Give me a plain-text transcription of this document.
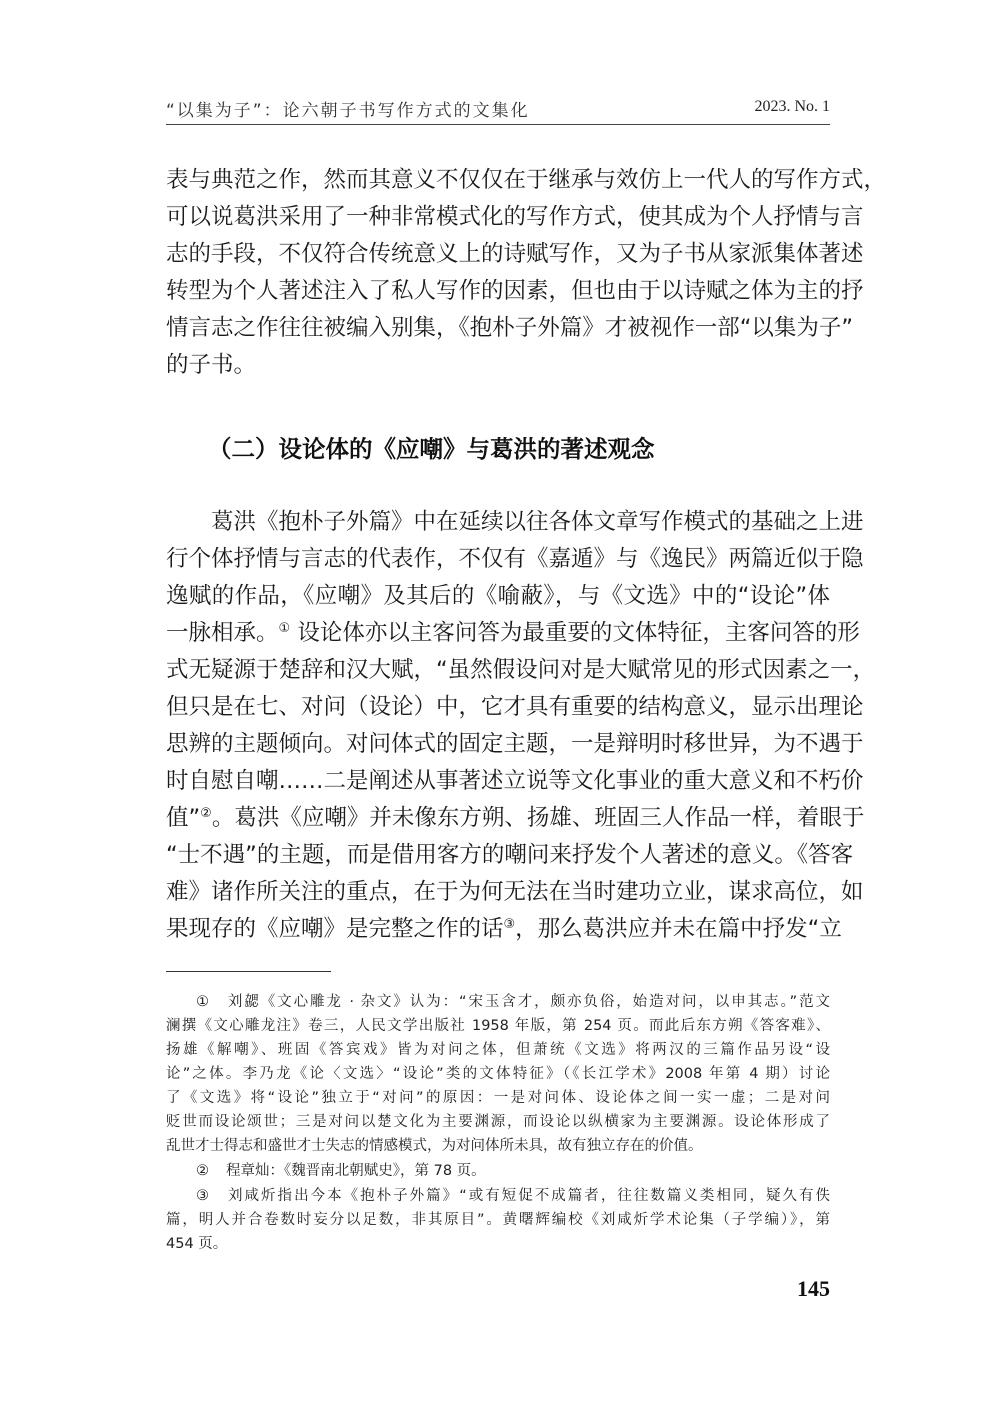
“以集为子”：论六朝子书写作方式的文集化	2023. No. 1
表与典范之作，然而其意义不仅仅在于继承与效仿上一代人的写作方式，
可以说葛洪采用了一种非常模式化的写作方式，使其成为个人抒情与言
志的手段，不仅符合传统意义上的诗赋写作，又为子书从家派集体著述
转型为个人著述注入了私人写作的因素，但也由于以诗赋之体为主的抒
情言志之作往往被编入别集，《抱朴子外篇》才被视作一部“以集为子”
的子书。
（二）设论体的《应嘲》与葛洪的著述观念
葛洪《抱朴子外篇》中在延续以往各体文章写作模式的基础之上进
行个体抒情与言志的代表作，不仅有《嘉遁》与《逸民》两篇近似于隐
逸赋的作品，《应嘲》及其后的《喻蔽》，与《文选》中的“设论”体
一脉相承。① 设论体亦以主客问答为最重要的文体特征，主客问答的形
式无疑源于楚辞和汉大赋，“虽然假设问对是大赋常见的形式因素之一，
但只是在七、对问（设论）中，它才具有重要的结构意义，显示出理论
思辨的主题倾向。对问体式的固定主题，一是辩明时移世异，为不遇于
时自慰自嘲……二是阐述从事著述立说等文化事业的重大意义和不朽价
值”②。葛洪《应嘲》并未像东方朔、扬雄、班固三人作品一样，着眼于
“士不遇”的主题，而是借用客方的嘲问来抒发个人著述的意义。《答客
难》诸作所关注的重点，在于为何无法在当时建功立业，谋求高位，如
果现存的《应嘲》是完整之作的话③，那么葛洪应并未在篇中抒发“立
① 刘勰《文心雕龙 · 杂文》认为：“宋玉含才，颇亦负俗，始造对问，以申其志。”范文
澜撰《文心雕龙注》卷三，人民文学出版社 1958 年版，第 254 页。而此后东方朔《答客难》、
扬雄《解嘲》、班固《答宾戏》皆为对问之体，但萧统《文选》将两汉的三篇作品另设“设
论”之体。李乃龙《论〈文选〉“设论”类的文体特征》（《长江学术》2008 年第 4 期）讨论
了《文选》将“设论”独立于“对问”的原因：一是对问体、设论体之间一实一虚；二是对问
贬世而设论颂世；三是对问以楚文化为主要渊源，而设论以纵横家为主要渊源。设论体形成了
乱世才士得志和盛世才士失志的情感模式，为对问体所未具，故有独立存在的价值。
② 程章灿：《魏晋南北朝赋史》，第 78 页。
③ 刘咸炘指出今本《抱朴子外篇》“或有短促不成篇者，往往数篇义类相同，疑久有佚
篇，明人并合卷数时妄分以足数，非其原目”。黄曙辉编校《刘咸炘学术论集（子学编）》，第
454 页。
145
